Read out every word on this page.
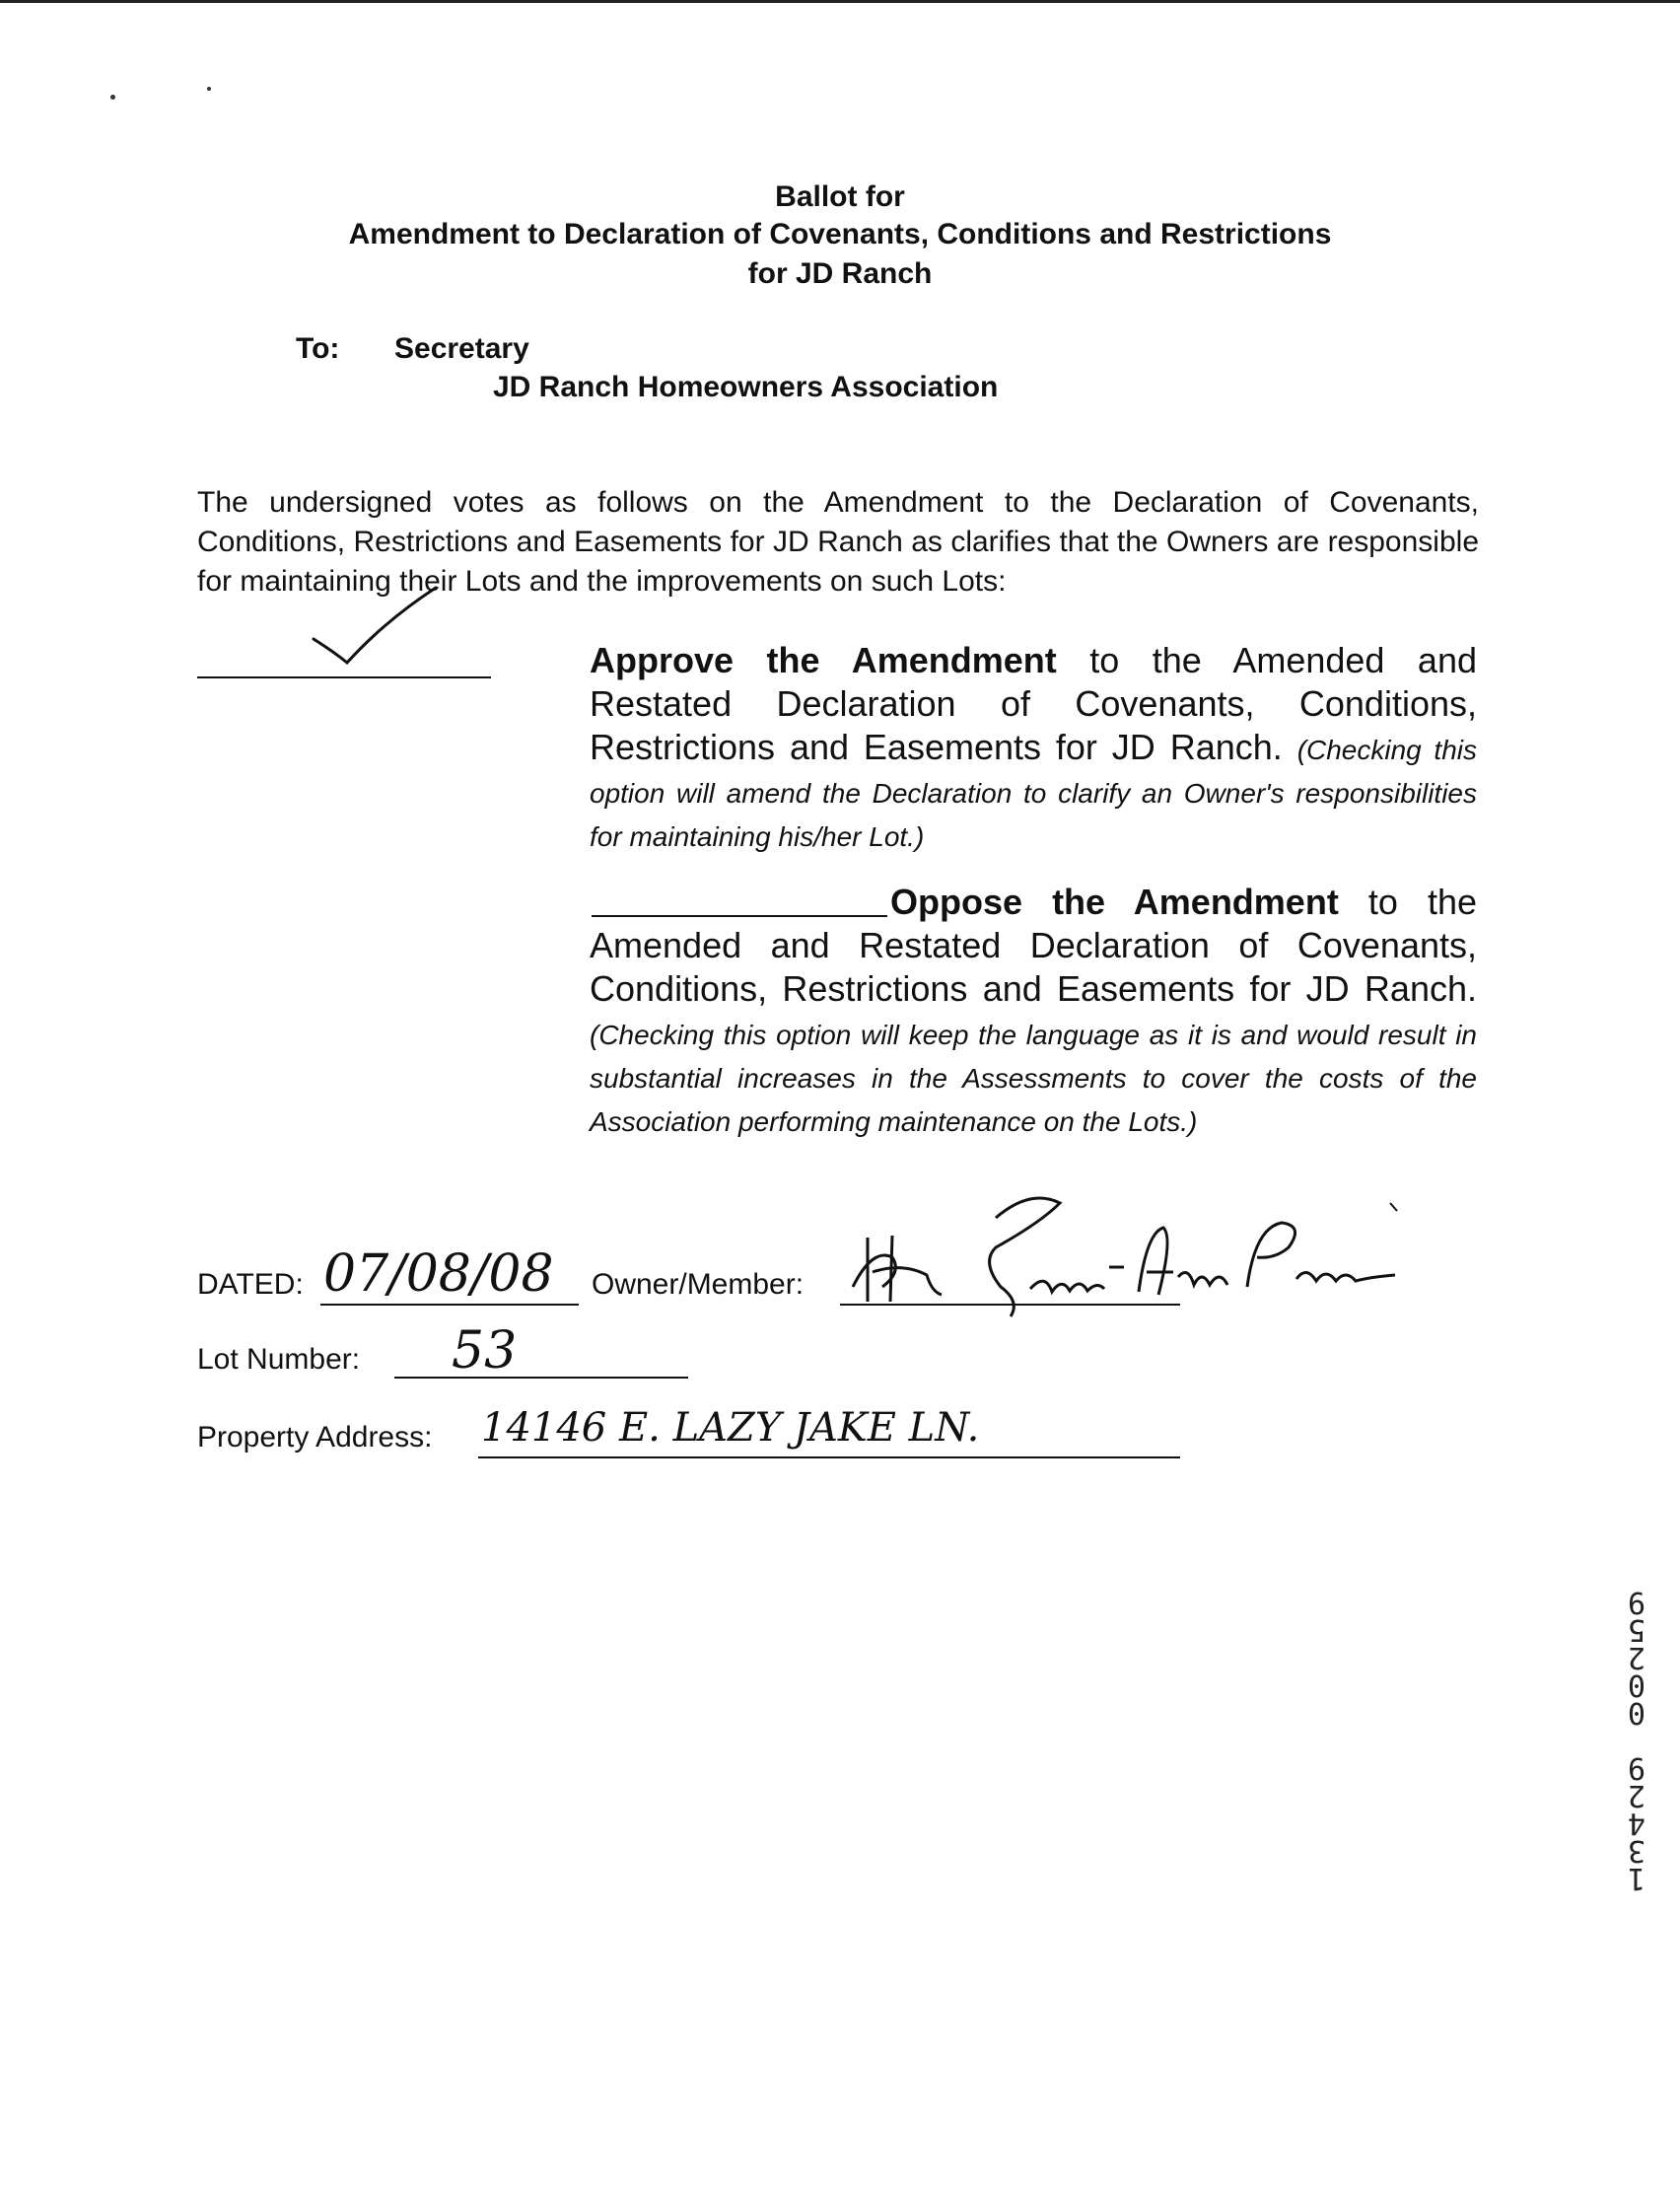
Ballot for
Amendment to Declaration of Covenants, Conditions and Restrictions
for JD Ranch
To: Secretary
JD Ranch Homeowners Association
The undersigned votes as follows on the Amendment to the Declaration of Covenants, Conditions, Restrictions and Easements for JD Ranch as clarifies that the Owners are responsible for maintaining their Lots and the improvements on such Lots:
Approve the Amendment to the Amended and Restated Declaration of Covenants, Conditions, Restrictions and Easements for JD Ranch. (Checking this option will amend the Declaration to clarify an Owner's responsibilities for maintaining his/her Lot.)
Oppose the Amendment to the Amended and Restated Declaration of Covenants, Conditions, Restrictions and Easements for JD Ranch. (Checking this option will keep the language as it is and would result in substantial increases in the Assessments to cover the costs of the Association performing maintenance on the Lots.)
DATED: 07/08/08 Owner/Member:
Lot Number: 53
Property Address: 14146 E. LAZY JAKE LN.
1
3
4
2
9

0
0
2
5
9
